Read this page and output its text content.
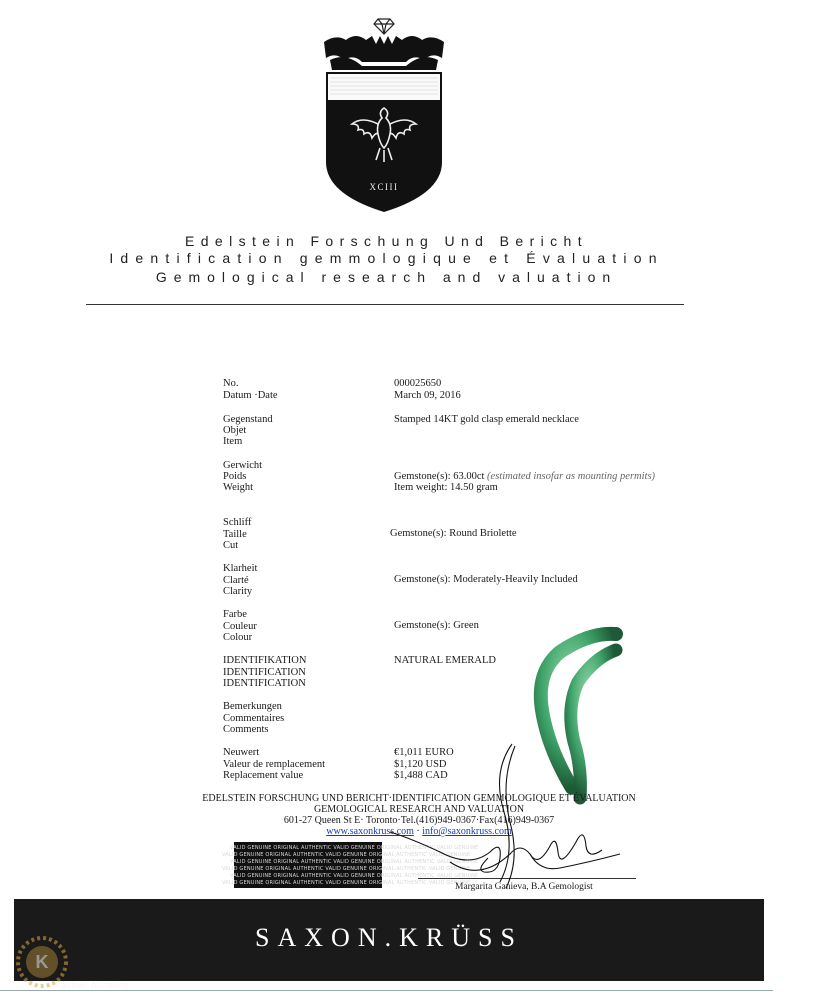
XCIII
Edelstein Forschung Und Bericht
Identification gemmologique et Évaluation
Gemological research and valuation
No.	000025650
Datum ·Date	March 09, 2016
Gegenstand
Objet
Item
Stamped 14KT gold clasp emerald necklace
Gerwicht
Poids
Weight
Gemstone(s): 63.00ct (estimated insofar as mounting permits)
Item weight: 14.50 gram
Schliff
Taille
Cut
Gemstone(s): Round Briolette
Klarheit
Clarté
Clarity
Gemstone(s): Moderately-Heavily Included
Farbe
Couleur
Colour
Gemstone(s): Green
IDENTIFIKATION
IDENTIFICATION
IDENTIFICATION
NATURAL EMERALD
Bemerkungen
Commentaires
Comments
Neuwert
Valeur de remplacement
Replacement value
€1,011 EURO
$1,120 USD
$1,488 CAD
EDELSTEIN FORSCHUNG UND BERICHT·IDENTIFICATION GEMMOLOGIQUE ET ÉVALUATION
GEMOLOGICAL RESEARCH AND VALUATION
601-27 Queen St E· Toronto·Tel.(416)949-0367·Fax(416)949-0367
www.saxonkruss.com · info@saxonkruss.com
VALID GENUINE ORIGINAL AUTHENTIC VALID GENUINE ORIGINAL AUTHENTIC VALID GENUINE
VALID GENUINE ORIGINAL AUTHENTIC VALID GENUINE ORIGINAL AUTHENTIC VALID GENUINE
VALID GENUINE ORIGINAL AUTHENTIC VALID GENUINE ORIGINAL AUTHENTIC VALID GENUINE
VALID GENUINE ORIGINAL AUTHENTIC VALID GENUINE ORIGINAL AUTHENTIC VALID GENUINE
VALID GENUINE ORIGINAL AUTHENTIC VALID GENUINE ORIGINAL AUTHENTIC VALID GENUINE
VALID GENUINE ORIGINAL AUTHENTIC VALID GENUINE ORIGINAL AUTHENTIC VALID GENUINE
Margarita Ganieva, B.A Gemologist
SAXON.KRÜSS
K
Kastner Auctions
